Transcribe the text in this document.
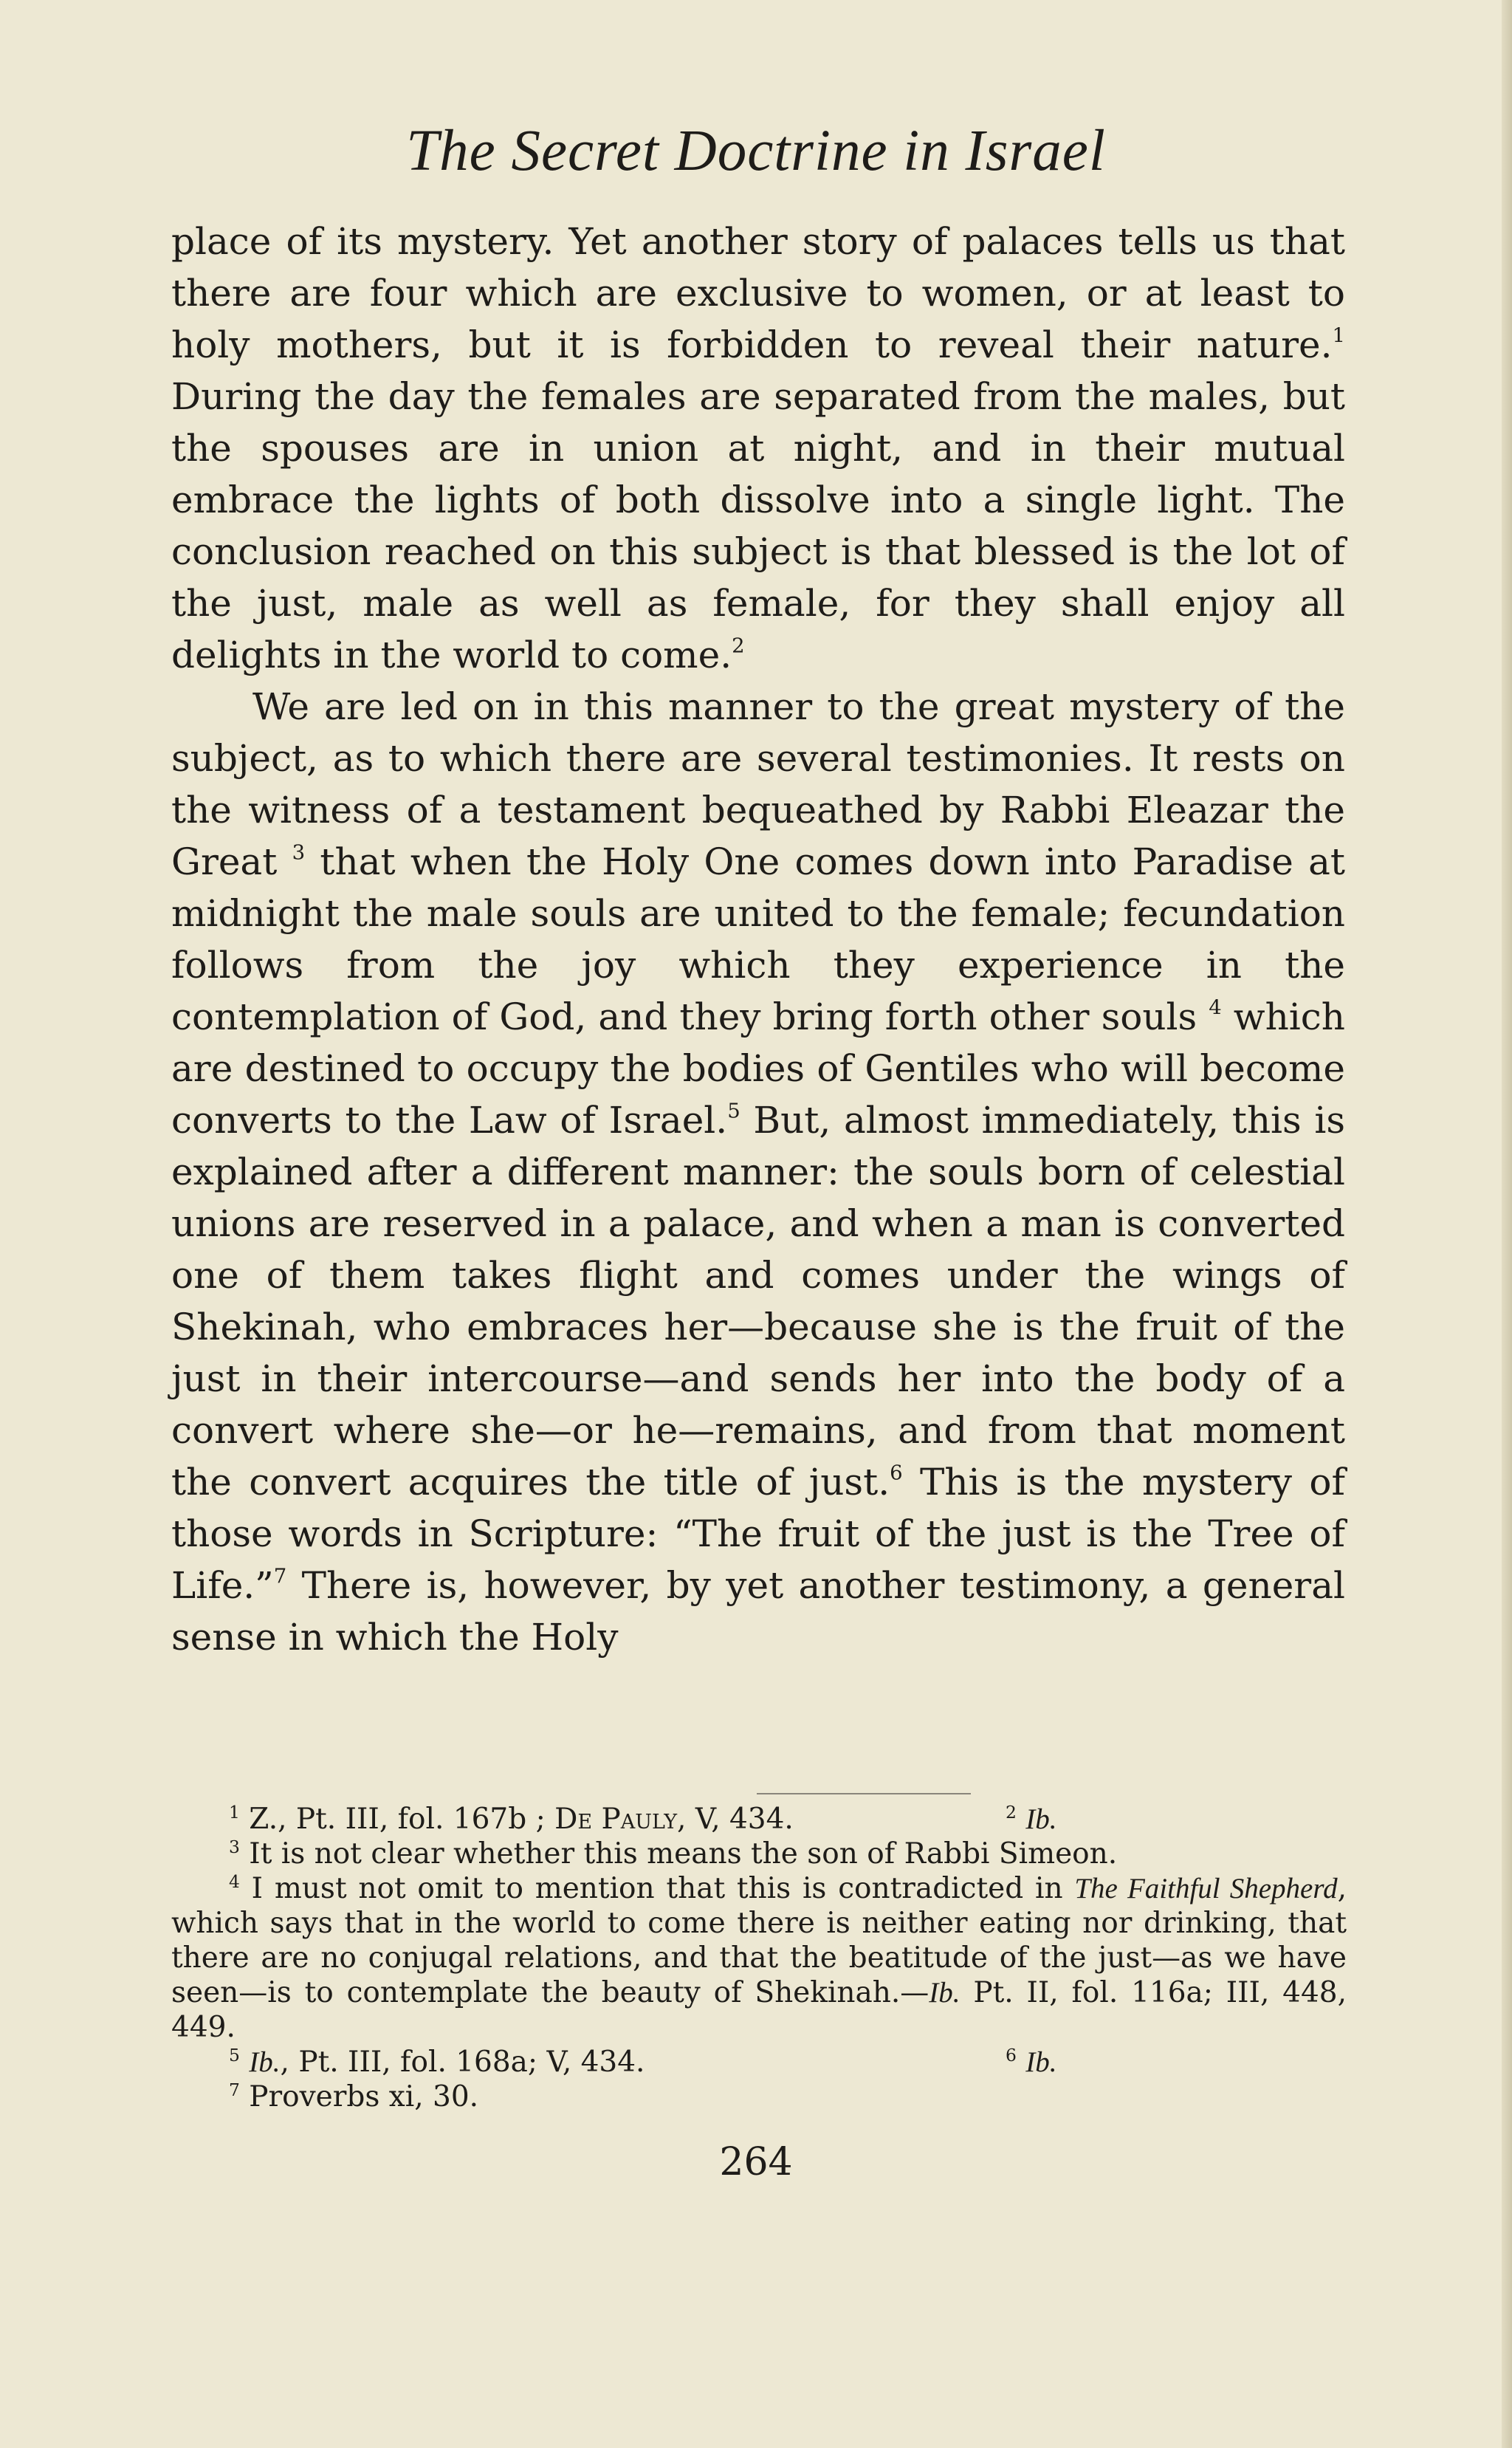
The Secret Doctrine in Israel

place of its mystery. Yet another story of palaces tells us that there are four which are exclusive to women, or at least to holy mothers, but it is forbidden to reveal their nature.$^1$ During the day the females are separated from the males, but the spouses are in union at night, and in their mutual embrace the lights of both dissolve into a single light. The conclusion reached on this subject is that blessed is the lot of the just, male as well as female, for they shall enjoy all delights in the world to come.$^2$

We are led on in this manner to the great mystery of the subject, as to which there are several testimonies. It rests on the witness of a testament bequeathed by Rabbi Eleazar the Great $^3$ that when the Holy One comes down into Paradise at midnight the male souls are united to the female; fecundation follows from the joy which they experience in the contemplation of God, and they bring forth other souls $^4$ which are destined to occupy the bodies of Gentiles who will become converts to the Law of Israel.$^5$ But, almost immediately, this is explained after a different manner: the souls born of celestial unions are reserved in a palace, and when a man is converted one of them takes flight and comes under the wings of Shekinah, who embraces her—because she is the fruit of the just in their intercourse—and sends her into the body of a convert where she—or he—remains, and from that moment the convert acquires the title of just.$^6$ This is the mystery of those words in Scripture: “The fruit of the just is the Tree of Life.”$^7$ There is, however, by yet another testimony, a general sense in which the Holy

$^1$ Z., Pt. III, fol. 167b ; De Pauly, V, 434.	$^2$ Ib.

$^3$ It is not clear whether this means the son of Rabbi Simeon.

$^4$ I must not omit to mention that this is contradicted in The Faithful Shepherd, which says that in the world to come there is neither eating nor drinking, that there are no conjugal relations, and that the beatitude of the just—as we have seen—is to contemplate the beauty of Shekinah.—Ib. Pt. II, fol. 116a; III, 448, 449.

$^5$ Ib., Pt. III, fol. 168a; V, 434.	$^6$ Ib.

$^7$ Proverbs xi, 30.

264
